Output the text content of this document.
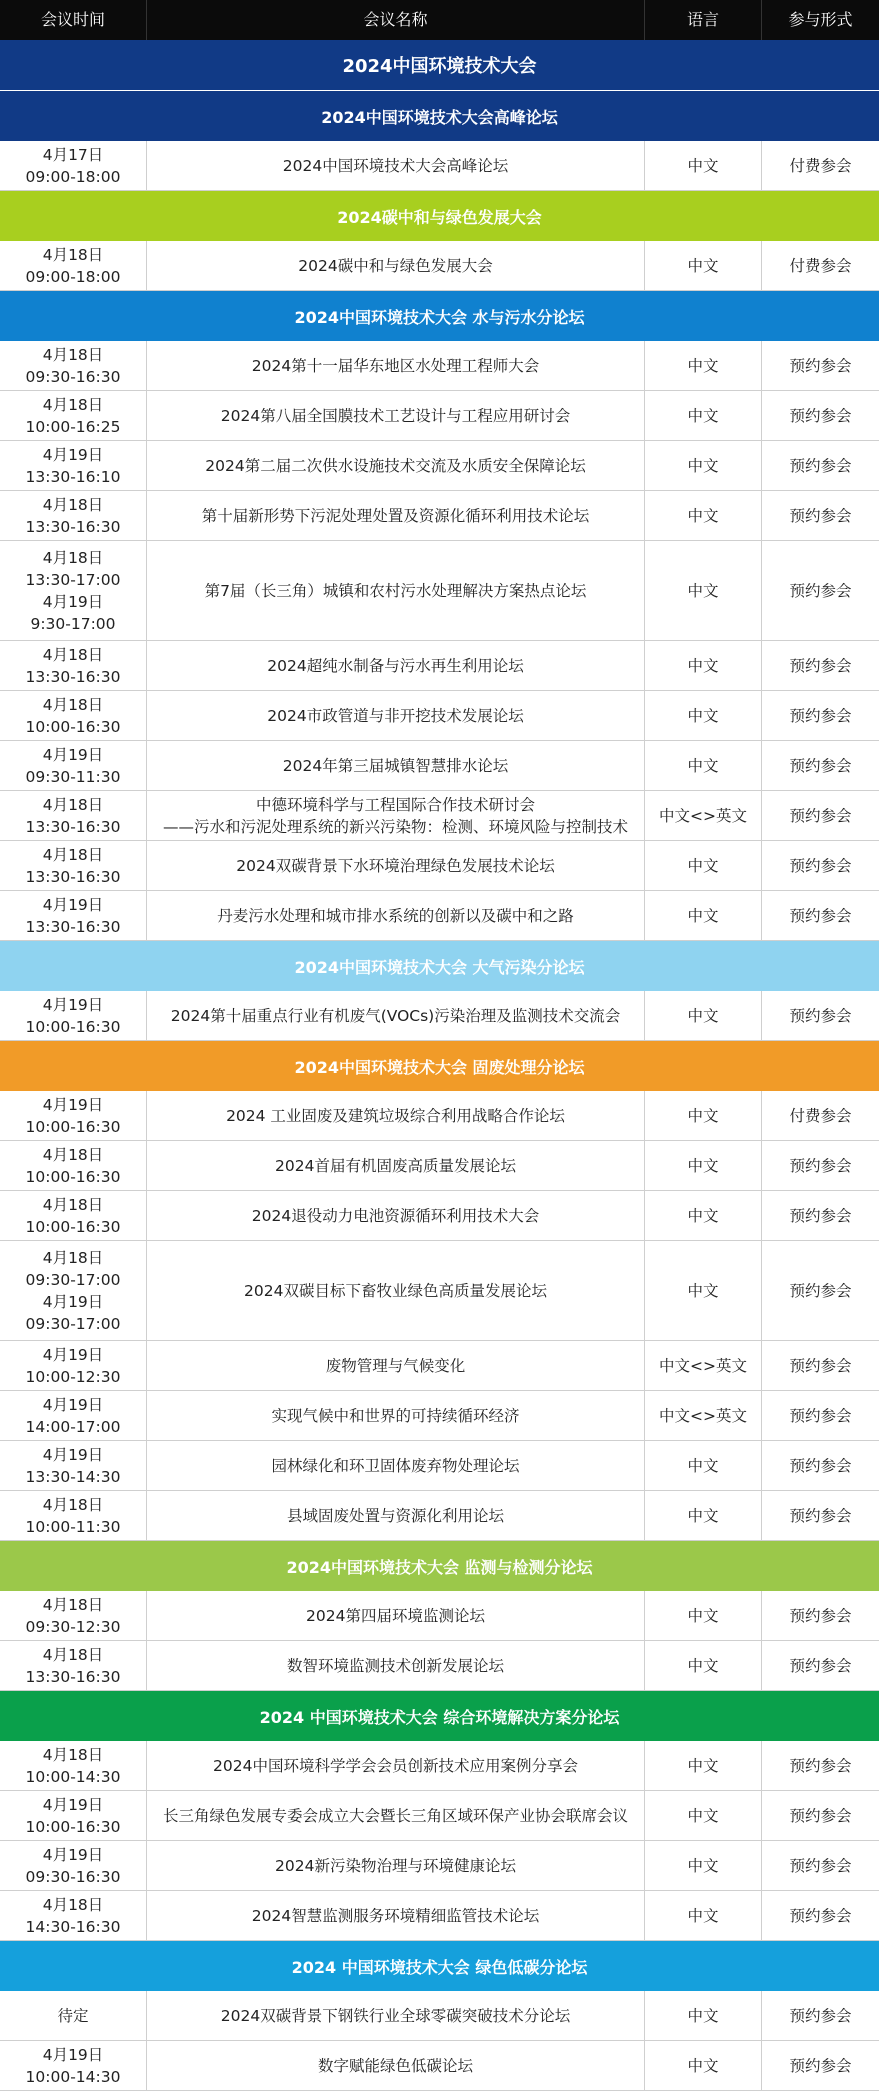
会议时间	会议名称	语言	参与形式
2024中国环境技术大会
2024中国环境技术大会高峰论坛
4月17日
09:00-18:00
2024中国环境技术大会高峰论坛	中文	付费参会
2024碳中和与绿色发展大会
4月18日
09:00-18:00
2024碳中和与绿色发展大会	中文	付费参会
2024中国环境技术大会 水与污水分论坛
4月18日
09:30-16:30
2024第十一届华东地区水处理工程师大会	中文	预约参会
4月18日
10:00-16:25
2024第八届全国膜技术工艺设计与工程应用研讨会	中文	预约参会
4月19日
13:30-16:10
2024第二届二次供水设施技术交流及水质安全保障论坛	中文	预约参会
4月18日
13:30-16:30
第十届新形势下污泥处理处置及资源化循环利用技术论坛	中文	预约参会
4月18日
13:30-17:00
4月19日
9:30-17:00
第7届（长三角）城镇和农村污水处理解决方案热点论坛	中文	预约参会
4月18日
13:30-16:30
2024超纯水制备与污水再生利用论坛	中文	预约参会
4月18日
10:00-16:30
2024市政管道与非开挖技术发展论坛	中文	预约参会
4月19日
09:30-11:30
2024年第三届城镇智慧排水论坛	中文	预约参会
4月18日
13:30-16:30
中德环境科学与工程国际合作技术研讨会
——污水和污泥处理系统的新兴污染物：检测、环境风险与控制技术
中文<>英文	预约参会
4月18日
13:30-16:30
2024双碳背景下水环境治理绿色发展技术论坛	中文	预约参会
4月19日
13:30-16:30
丹麦污水处理和城市排水系统的创新以及碳中和之路	中文	预约参会
2024中国环境技术大会 大气污染分论坛
4月19日
10:00-16:30
2024第十届重点行业有机废气(VOCs)污染治理及监测技术交流会	中文	预约参会
2024中国环境技术大会 固废处理分论坛
4月19日
10:00-16:30
2024 工业固废及建筑垃圾综合利用战略合作论坛	中文	付费参会
4月18日
10:00-16:30
2024首届有机固废高质量发展论坛	中文	预约参会
4月18日
10:00-16:30
2024退役动力电池资源循环利用技术大会	中文	预约参会
4月18日
09:30-17:00
4月19日
09:30-17:00
2024双碳目标下畜牧业绿色高质量发展论坛	中文	预约参会
4月19日
10:00-12:30
废物管理与气候变化	中文<>英文	预约参会
4月19日
14:00-17:00
实现气候中和世界的可持续循环经济	中文<>英文	预约参会
4月19日
13:30-14:30
园林绿化和环卫固体废弃物处理论坛	中文	预约参会
4月18日
10:00-11:30
县域固废处置与资源化利用论坛	中文	预约参会
2024中国环境技术大会 监测与检测分论坛
4月18日
09:30-12:30
2024第四届环境监测论坛	中文	预约参会
4月18日
13:30-16:30
数智环境监测技术创新发展论坛	中文	预约参会
2024 中国环境技术大会 综合环境解决方案分论坛
4月18日
10:00-14:30
2024中国环境科学学会会员创新技术应用案例分享会	中文	预约参会
4月19日
10:00-16:30
长三角绿色发展专委会成立大会暨长三角区域环保产业协会联席会议	中文	预约参会
4月19日
09:30-16:30
2024新污染物治理与环境健康论坛	中文	预约参会
4月18日
14:30-16:30
2024智慧监测服务环境精细监管技术论坛	中文	预约参会
2024 中国环境技术大会 绿色低碳分论坛
待定	2024双碳背景下钢铁行业全球零碳突破技术分论坛	中文	预约参会
4月19日
10:00-14:30
数字赋能绿色低碳论坛	中文	预约参会
